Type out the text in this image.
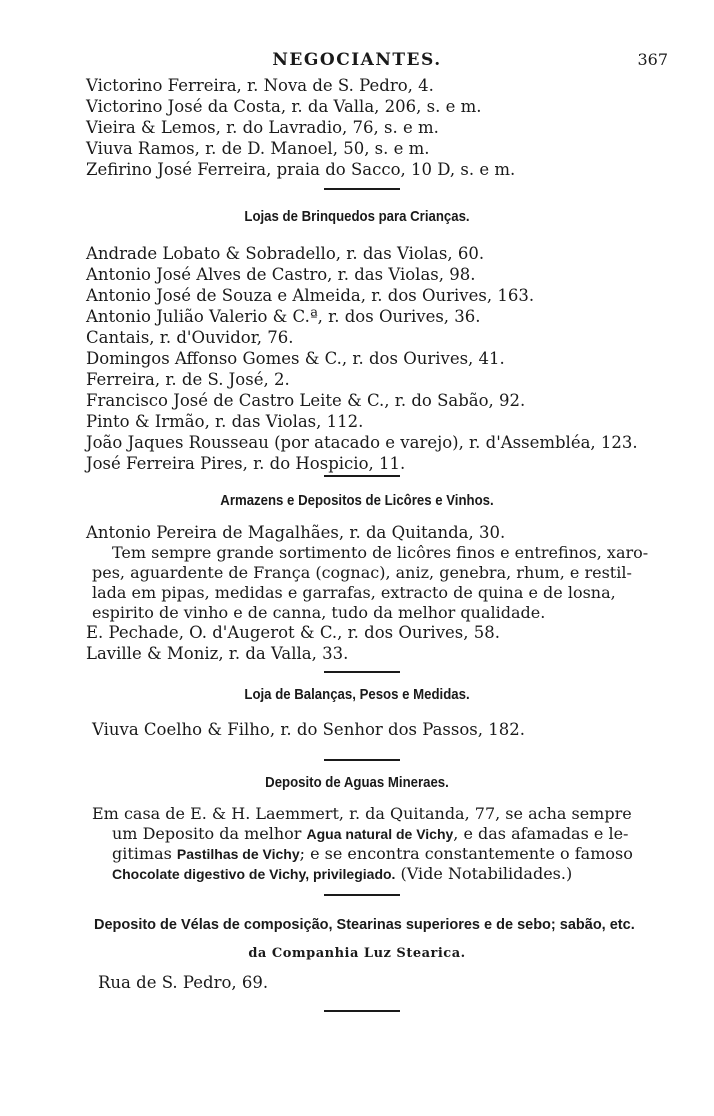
NEGOCIANTES.	367
Victorino Ferreira, r. Nova de S. Pedro, 4.
Victorino José da Costa, r. da Valla, 206, s. e m.
Vieira & Lemos, r. do Lavradio, 76, s. e m.
Viuva Ramos, r. de D. Manoel, 50, s. e m.
Zefirino José Ferreira, praia do Sacco, 10 D, s. e m.
Lojas de Brinquedos para Crianças.
Andrade Lobato & Sobradello, r. das Violas, 60.
Antonio José Alves de Castro, r. das Violas, 98.
Antonio José de Souza e Almeida, r. dos Ourives, 163.
Antonio Julião Valerio & C.ª, r. dos Ourives, 36.
Cantais, r. d'Ouvidor, 76.
Domingos Affonso Gomes & C., r. dos Ourives, 41.
Ferreira, r. de S. José, 2.
Francisco José de Castro Leite & C., r. do Sabão, 92.
Pinto & Irmão, r. das Violas, 112.
João Jaques Rousseau (por atacado e varejo), r. d'Assembléa, 123.
José Ferreira Pires, r. do Hospicio, 11.
Armazens e Depositos de Licôres e Vinhos.
Antonio Pereira de Magalhães, r. da Quitanda, 30.
Tem sempre grande sortimento de licôres finos e entrefinos, xaro-
pes, aguardente de França (cognac), aniz, genebra, rhum, e restil-
lada em pipas, medidas e garrafas, extracto de quina e de losna,
espirito de vinho e de canna, tudo da melhor qualidade.
E. Pechade, O. d'Augerot & C., r. dos Ourives, 58.
Laville & Moniz, r. da Valla, 33.
Loja de Balanças, Pesos e Medidas.
Viuva Coelho & Filho, r. do Senhor dos Passos, 182.
Deposito de Aguas Mineraes.
Em casa de E. & H. Laemmert, r. da Quitanda, 77, se acha sempre
um Deposito da melhor Agua natural de Vichy, e das afamadas e le-
gitimas Pastilhas de Vichy; e se encontra constantemente o famoso
Chocolate digestivo de Vichy, privilegiado. (Vide Notabilidades.)
Deposito de Vélas de composição, Stearinas superiores e de sebo; sabão, etc.
da Companhia Luz Stearica.
Rua de S. Pedro, 69.
